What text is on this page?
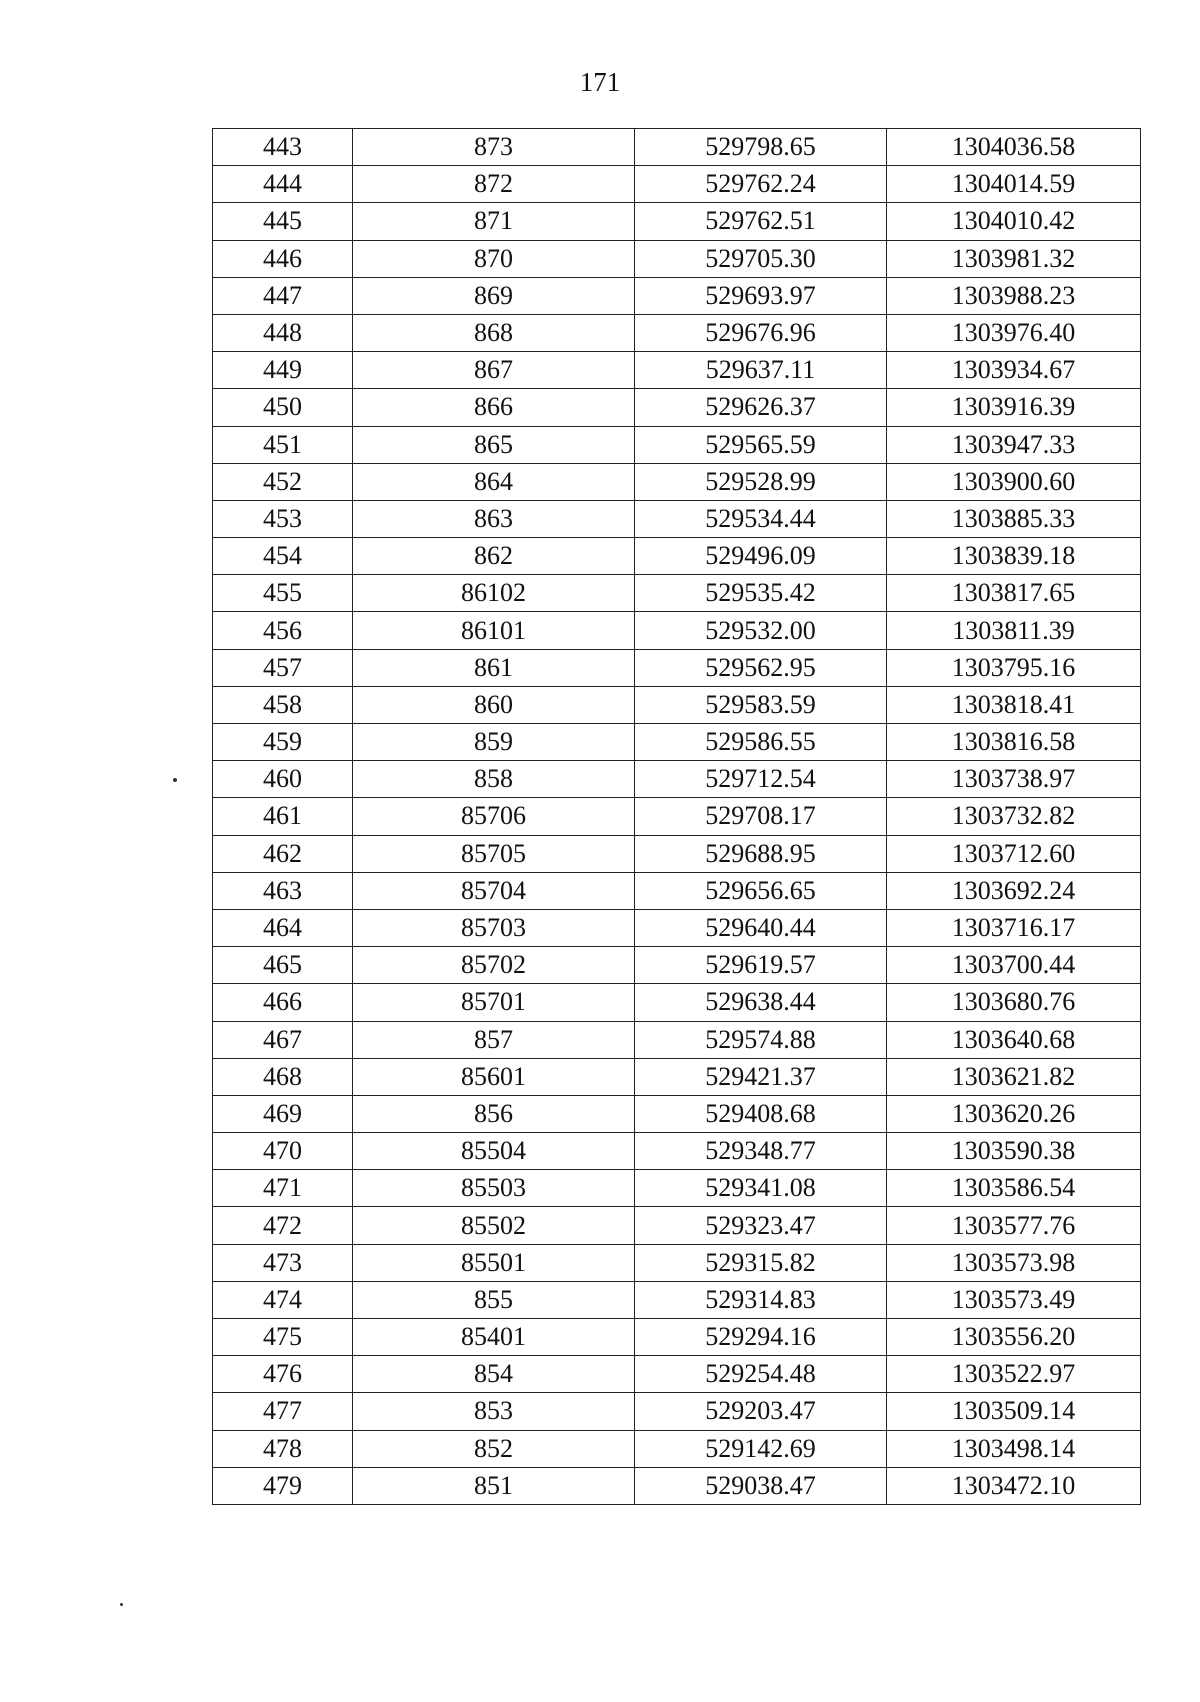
171
443	873	529798.65	1304036.58
444	872	529762.24	1304014.59
445	871	529762.51	1304010.42
446	870	529705.30	1303981.32
447	869	529693.97	1303988.23
448	868	529676.96	1303976.40
449	867	529637.11	1303934.67
450	866	529626.37	1303916.39
451	865	529565.59	1303947.33
452	864	529528.99	1303900.60
453	863	529534.44	1303885.33
454	862	529496.09	1303839.18
455	86102	529535.42	1303817.65
456	86101	529532.00	1303811.39
457	861	529562.95	1303795.16
458	860	529583.59	1303818.41
459	859	529586.55	1303816.58
460	858	529712.54	1303738.97
461	85706	529708.17	1303732.82
462	85705	529688.95	1303712.60
463	85704	529656.65	1303692.24
464	85703	529640.44	1303716.17
465	85702	529619.57	1303700.44
466	85701	529638.44	1303680.76
467	857	529574.88	1303640.68
468	85601	529421.37	1303621.82
469	856	529408.68	1303620.26
470	85504	529348.77	1303590.38
471	85503	529341.08	1303586.54
472	85502	529323.47	1303577.76
473	85501	529315.82	1303573.98
474	855	529314.83	1303573.49
475	85401	529294.16	1303556.20
476	854	529254.48	1303522.97
477	853	529203.47	1303509.14
478	852	529142.69	1303498.14
479	851	529038.47	1303472.10
